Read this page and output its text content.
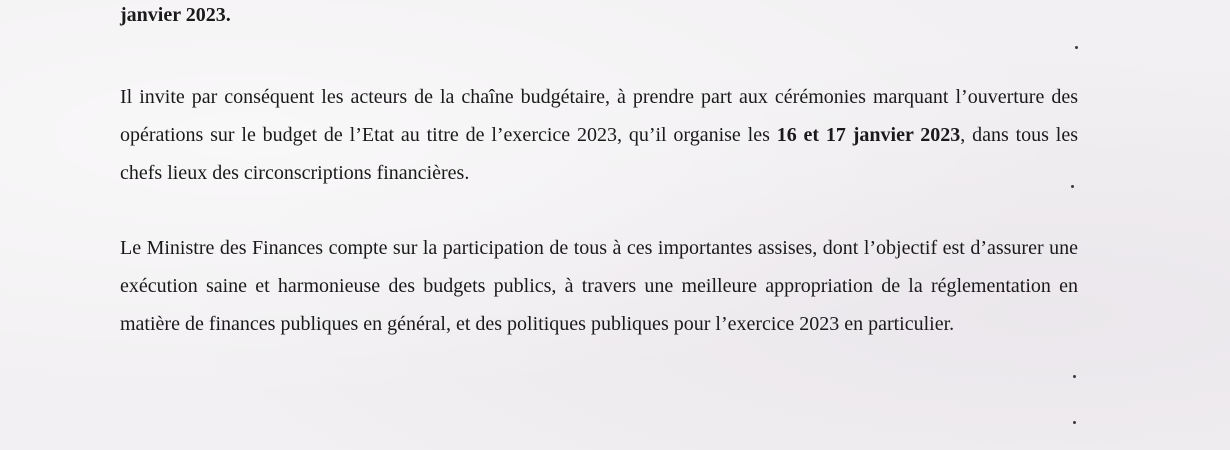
janvier 2023.

Il invite par conséquent les acteurs de la chaîne budgétaire, à prendre part aux cérémonies marquant l’ouverture des opérations sur le budget de l’Etat au titre de l’exercice 2023, qu’il organise les 16 et 17 janvier 2023, dans tous les chefs lieux des circonscriptions financières.

Le Ministre des Finances compte sur la participation de tous à ces importantes assises, dont l’objectif est d’assurer une exécution saine et harmonieuse des budgets publics, à travers une meilleure appropriation de la réglementation en matière de finances publiques en général, et des politiques publiques pour l’exercice 2023 en particulier.
